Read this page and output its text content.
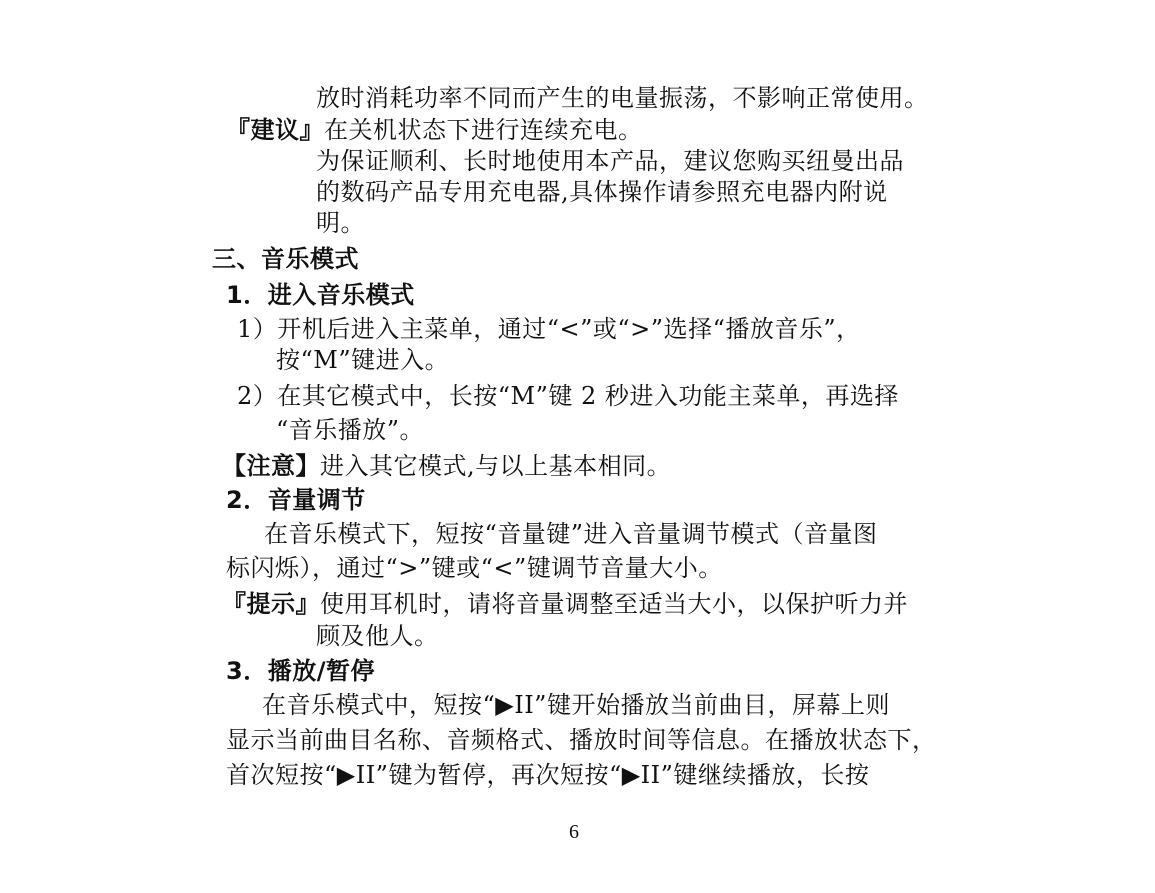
放时消耗功率不同而产生的电量振荡，不影响正常使用。
『建议』在关机状态下进行连续充电。
为保证顺利、长时地使用本产品，建议您购买纽曼出品
的数码产品专用充电器,具体操作请参照充电器内附说
明。
三、音乐模式
1．进入音乐模式
1）开机后进入主菜单，通过“<”或“>”选择“播放音乐”，
按“M”键进入。
2）在其它模式中，长按“M”键 2 秒进入功能主菜单，再选择
“音乐播放”。
【注意】进入其它模式,与以上基本相同。
2．音量调节
在音乐模式下，短按“音量键”进入音量调节模式（音量图
标闪烁），通过“>”键或“<”键调节音量大小。
『提示』使用耳机时，请将音量调整至适当大小，以保护听力并
顾及他人。
3．播放/暂停
在音乐模式中，短按“▶II”键开始播放当前曲目，屏幕上则
显示当前曲目名称、音频格式、播放时间等信息。在播放状态下，
首次短按“▶II”键为暂停，再次短按“▶II”键继续播放，长按
6
